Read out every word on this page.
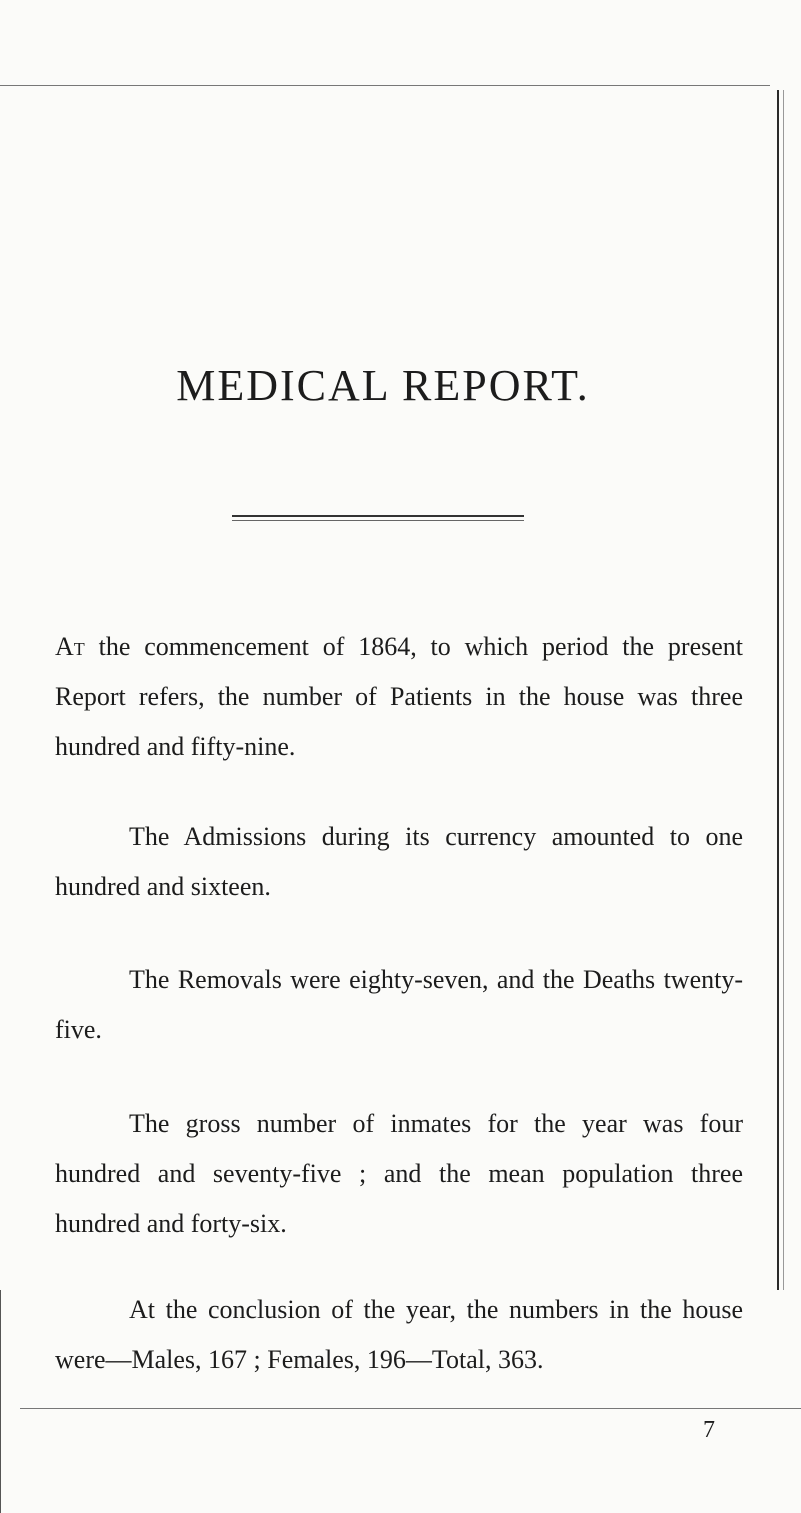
MEDICAL REPORT.

At the commencement of 1864, to which period the present Report refers, the number of Patients in the house was three hundred and fifty-nine.

The Admissions during its currency amounted to one hundred and sixteen.

The Removals were eighty-seven, and the Deaths twenty-five.

The gross number of inmates for the year was four hundred and seventy-five ; and the mean population three hundred and forty-six.

At the conclusion of the year, the numbers in the house were—Males, 167 ; Females, 196—Total, 363.

7
